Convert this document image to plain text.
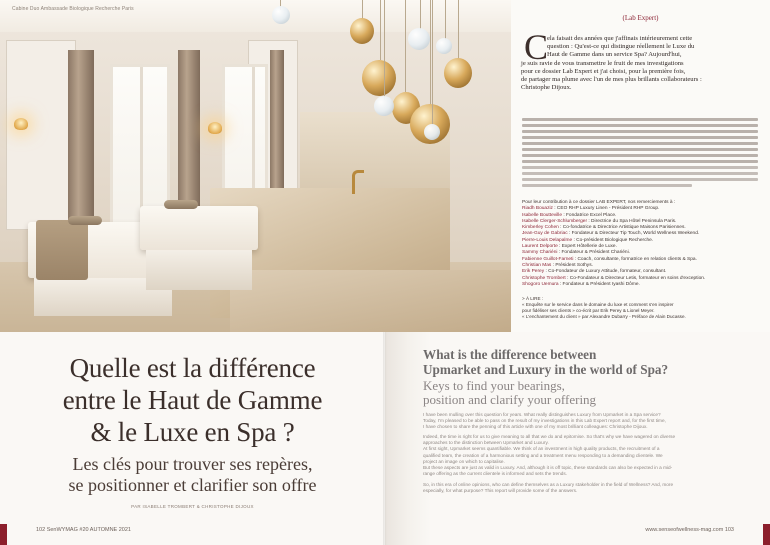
Cabine Duo Ambassade Biologique Recherche Paris
Quelle est la différence
entre le Haut de Gamme
& le Luxe en Spa ?
Les clés pour trouver ses repères,
se positionner et clarifier son offre
PAR ISABELLE TROMBERT & CHRISTOPHE DIJOUX
102 SenWYMAG #20 AUTOMNE 2021
(Lab Expert)
C
ela faisait des années que j'affinais intérieurement cette
question : Qu'est-ce qui distingue réellement le Luxe du
Haut de Gamme dans un service Spa? Aujourd'hui,
je suis ravie de vous transmettre le fruit de mes investigations
pour ce dossier Lab Expert et j'ai choisi, pour la première fois,
de partager ma plume avec l'un de mes plus brillants collaborateurs :
Christophe Dijoux.
Pour leur contribution à ce dossier LAB EXPERT, nos remerciements à :
Riadh Bouaziz : CEO RHP Luxury Linen - Président RHP Group.
Isabelle Boutteville : Fondatrice Excel Place.
Isabelle Clerger-Schlumberger : Directrice du Spa Hôtel Peninsula Paris.
Kimberley Cohen : Co-fondatrice & Directrice Artistique Maisons Parisiennes.
Jean-Guy de Gabriac : Fondateur & Directeur Tip Touch, World Wellness Weekend.
Pierre-Louis Delapalme : Co-président Biologique Recherche.
Laurent Delporte : Expert Hôtellerie de Luxe.
Sammy Chariéni : Fondateur & Président Chariéni.
Fabienne Guillot-Farneti : Coach, consultante, formatrice en relation clients & Spa.
Christian Mas : Président Sothys.
Erik Perey : Co-Fondateur de Luxury Attitude, formateur, consultant.
Christophe Trombert : Co-Fondateur & Directeur Letis, formateur en soins d'exception.
Shogoro Uemura : Fondateur & Président Iyashi Dôme.
> À LIRE :
« Enquête sur le service dans le domaine du luxe et comment s'en inspirer
pour fidéliser ses clients » co-écrit par Erik Perey & Lionel Meyer.
« L'enchantement du client » par Alexandre Dubarry - Préface de Alain Ducasse.
What is the difference between
Upmarket and Luxury in the world of Spa?
Keys to find your bearings,
position and clarify your offering
I have been mulling over this question for years. What really distinguishes Luxury from Upmarket in a Spa service?
Today, I'm pleased to be able to pass on the result of my investigations in this Lab Expert report and, for the first time,
I have chosen to share the penning of this article with one of my most brilliant colleagues: Christophe Dijoux.
Indeed, the time is right for us to give meaning to all that we do and epitomise. So that's why we have wagered on diverse
approaches to the distinction between Upmarket and Luxury.
At first sight, Upmarket seems quantifiable. We think of an investment in high quality products, the recruitment of a
qualified team, the creation of a harmonious setting and a treatment menu responding to a demanding clientele. We
project an image on which to capitalise.
But these aspects are just as valid in Luxury. And, although it is off topic, these standards can also be expected in a mid-
range offering as the current clientele is informed and sets the trends.
So, in this era of online opinions, who can define themselves as a Luxury stakeholder in the field of Wellness? And, more
especially, for what purpose? This report will provide some of the answers.
www.senseofwellness-mag.com 103
